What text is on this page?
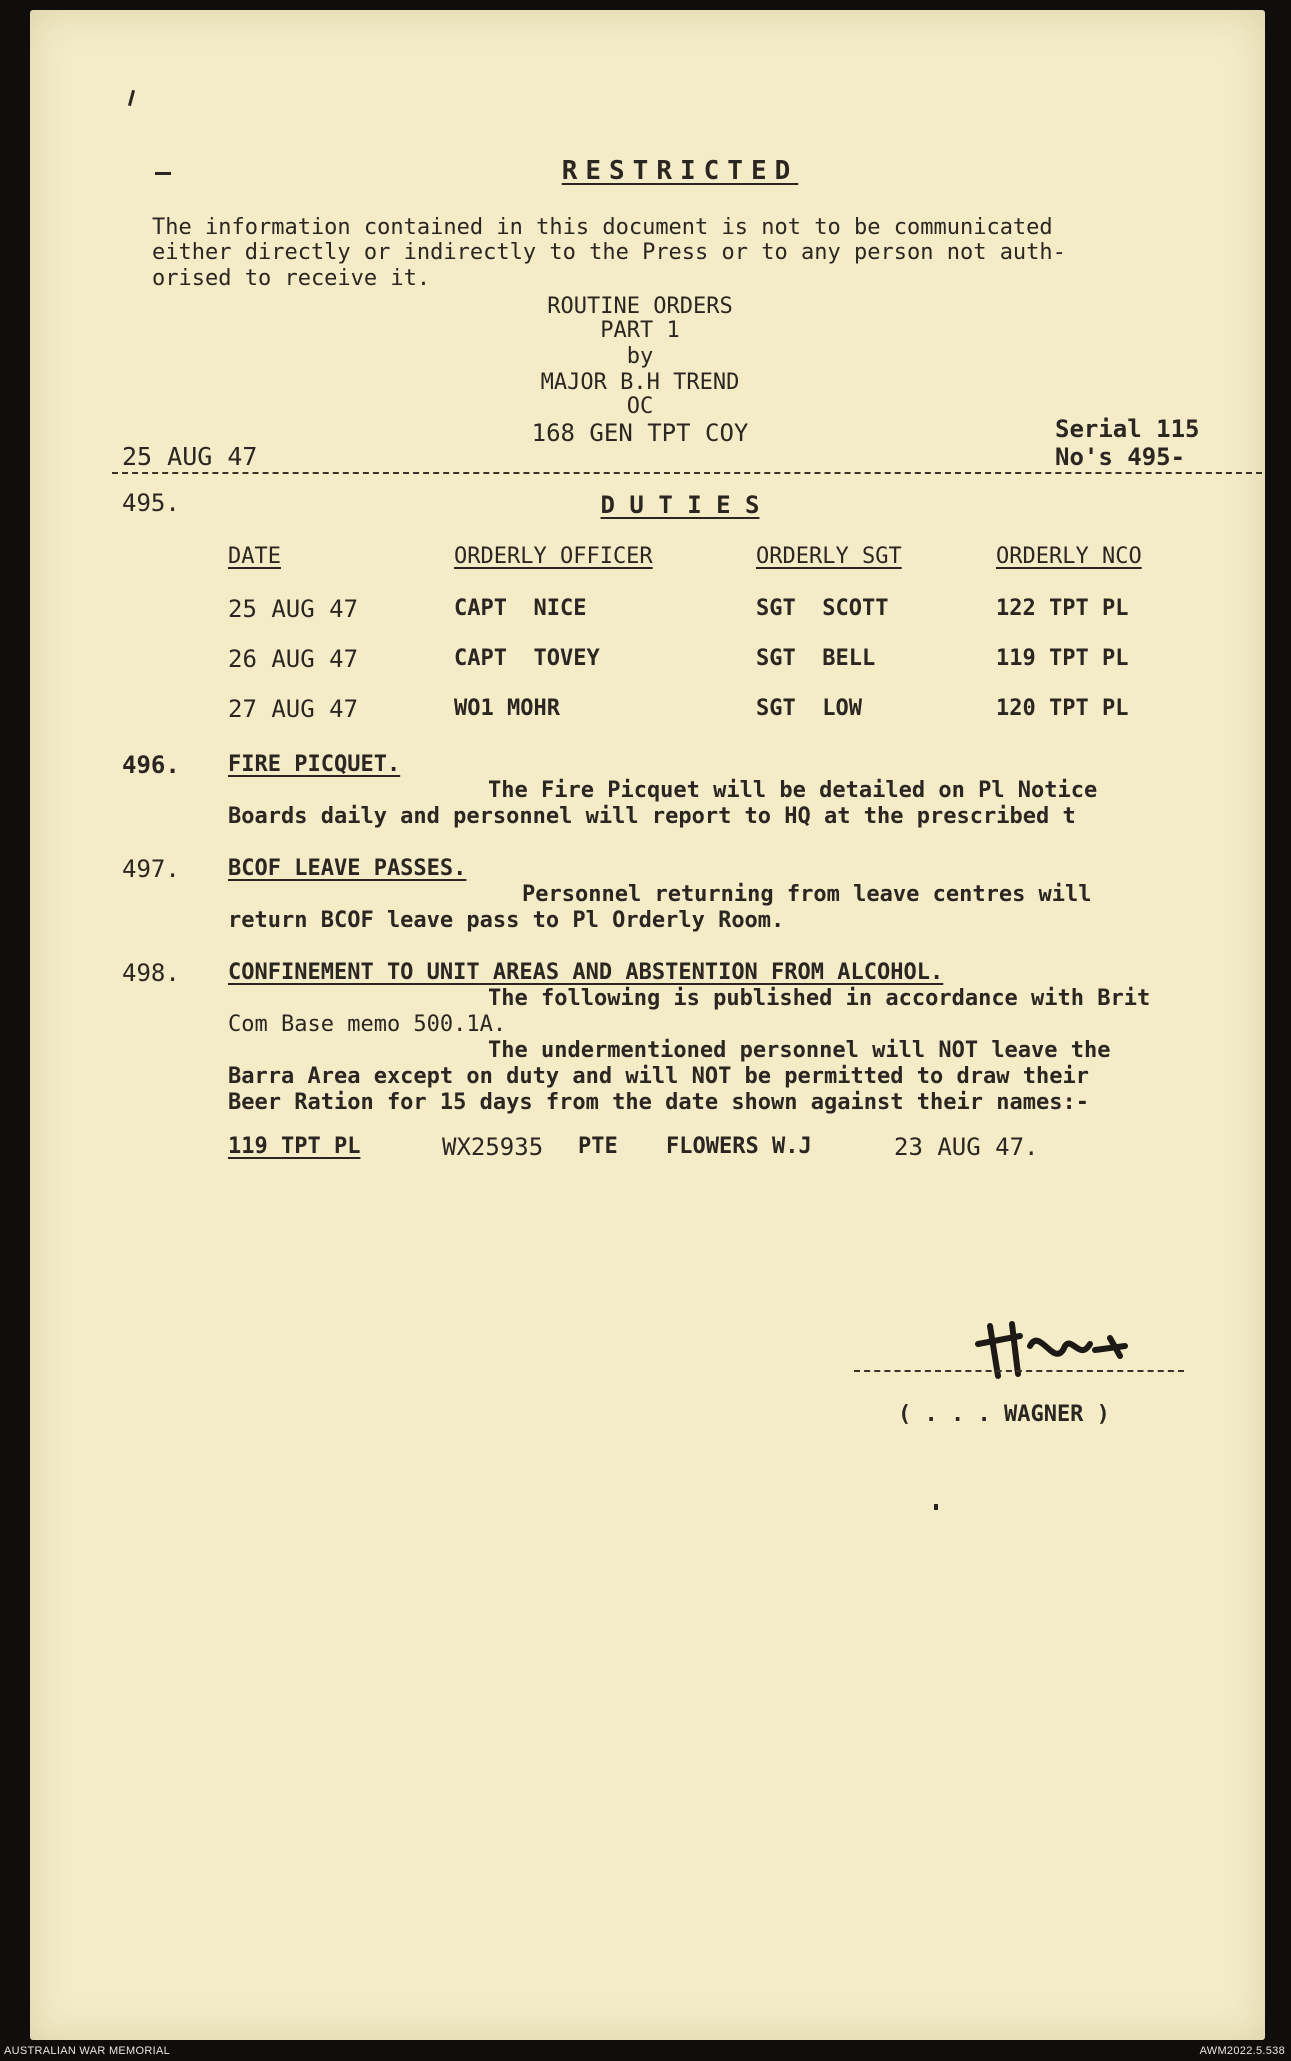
RESTRICTED
The information contained in this document is not to be communicated
either directly or indirectly to the Press or to any person not auth-
orised to receive it.
ROUTINE ORDERS
PART 1
by
MAJOR B.H TREND
OC
168 GEN TPT COY
25 AUG 47
Serial 115
No's 495-
495.	D U T I E S
DATE	ORDERLY OFFICER	ORDERLY SGT	ORDERLY NCO
25 AUG 47	CAPT  NICE	SGT  SCOTT	122 TPT PL
26 AUG 47	CAPT  TOVEY	SGT  BELL	119 TPT PL
27 AUG 47	WO1 MOHR	SGT  LOW	120 TPT PL
496. FIRE PICQUET.
The Fire Picquet will be detailed on Pl Notice
Boards daily and personnel will report to HQ at the prescribed t
497. BCOF LEAVE PASSES.
Personnel returning from leave centres will
return BCOF leave pass to Pl Orderly Room.
498. CONFINEMENT TO UNIT AREAS AND ABSTENTION FROM ALCOHOL.
The following is published in accordance with Brit
Com Base memo 500.1A.
The undermentioned personnel will NOT leave the
Barra Area except on duty and will NOT be permitted to draw their
Beer Ration for 15 days from the date shown against their names:-
119 TPT PL	WX25935 PTE FLOWERS W.J	23 AUG 47.
( . . . WAGNER )
AUSTRALIAN WAR MEMORIAL	AWM2022.5.538
